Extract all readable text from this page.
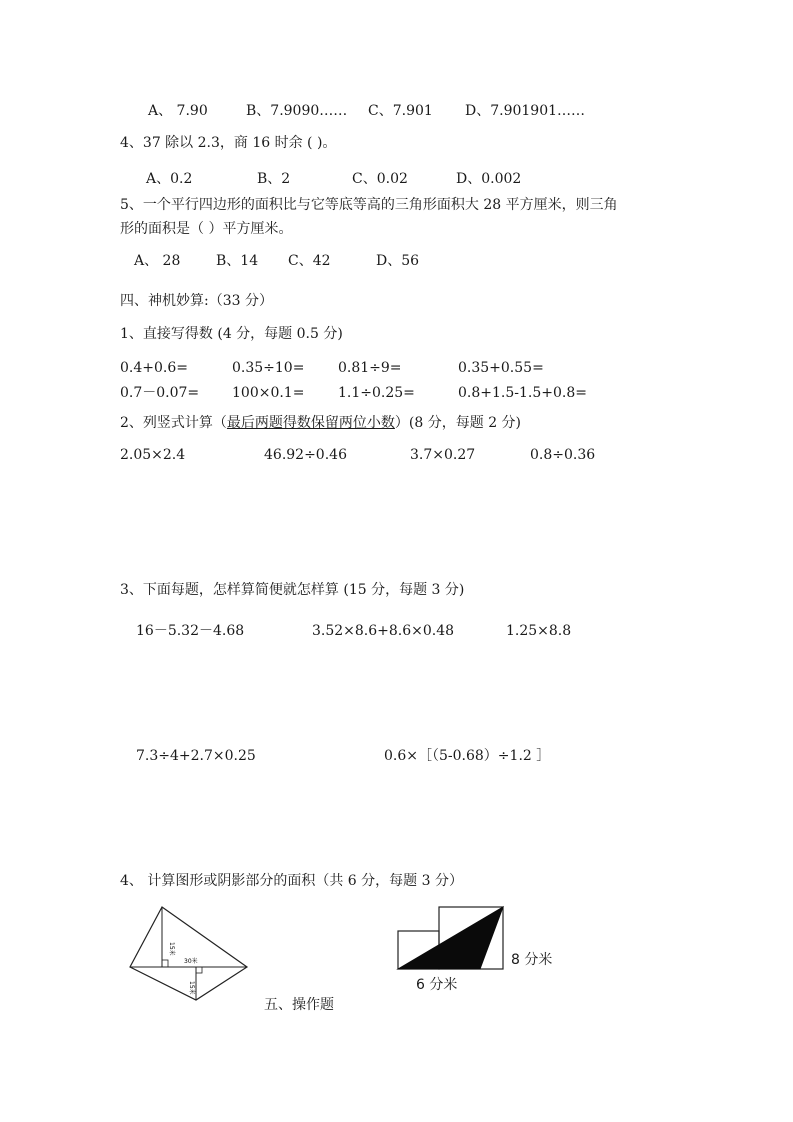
A、 7.90	B、7.9090…… C、7.901 D、7.901901……
4、37 除以 2.3，商 16 时余 ( )。
A、0.2	B、2	C、0.02	D、0.002
5、一个平行四边形的面积比与它等底等高的三角形面积大 28 平方厘米，则三角
形的面积是（ ）平方厘米。
A、 28	B、14 C、42	D、56
四、神机妙算:（33 分）
1、直接写得数 (4 分，每题 0.5 分)
0.4+0.6=	0.35÷10= 0.81÷9=	0.35+0.55=
0.7－0.07= 100×0.1= 1.1÷0.25=	0.8+1.5-1.5+0.8=
2、列竖式计算（最后两题得数保留两位小数）(8 分，每题 2 分)
2.05×2.4	46.92÷0.46	3.7×0.27	0.8÷0.36
3、下面每题，怎样算简便就怎样算 (15 分，每题 3 分)
16－5.32－4.68	3.52×8.6+8.6×0.48	1.25×8.8
7.3÷4+2.7×0.25	0.6×［（5-0.68）÷1.2 ］
4、 计算图形或阴影部分的面积（共 6 分，每题 3 分）
15米
30米
15米
8 分米
6 分米
五、操作题
